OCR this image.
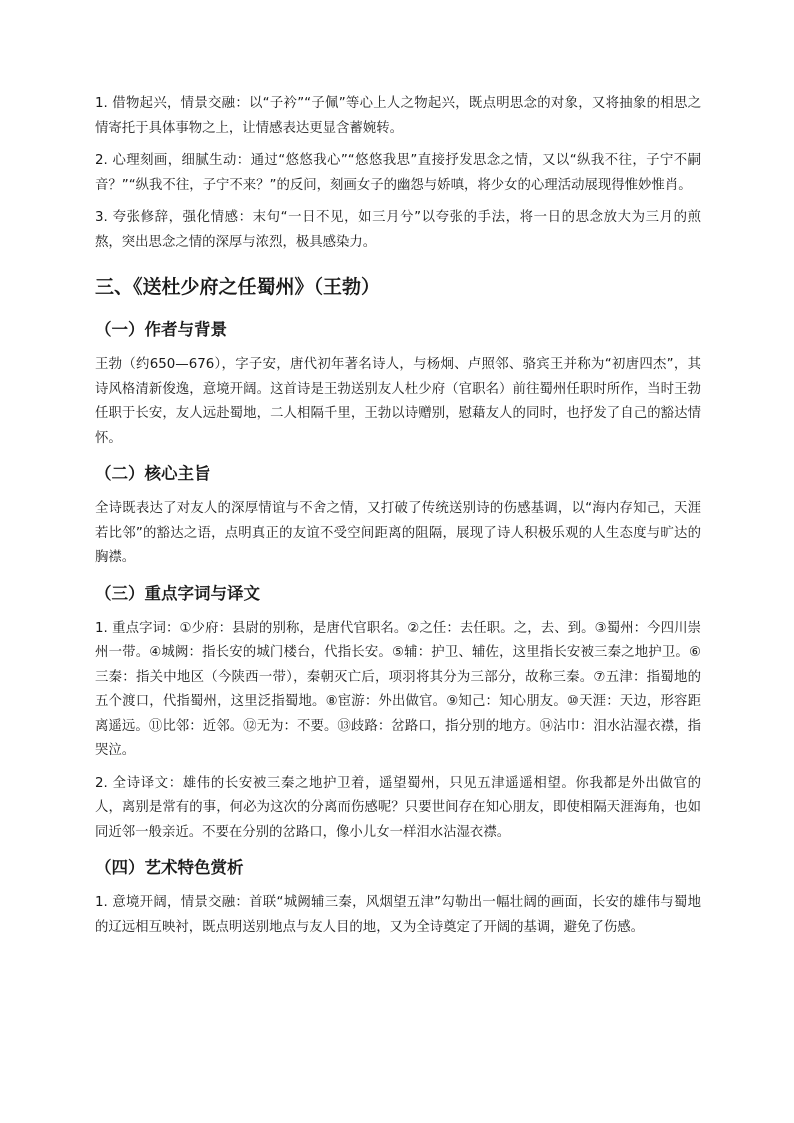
1. 借物起兴，情景交融：以“子衿”“子佩”等心上人之物起兴，既点明思念的对象，又将抽象的相思之情寄托于具体事物之上，让情感表达更显含蓄婉转。

2. 心理刻画，细腻生动：通过“悠悠我心”“悠悠我思”直接抒发思念之情，又以“纵我不往，子宁不嗣音？”“纵我不往，子宁不来？”的反问，刻画女子的幽怨与娇嗔，将少女的心理活动展现得惟妙惟肖。

3. 夸张修辞，强化情感：末句“一日不见，如三月兮”以夸张的手法，将一日的思念放大为三月的煎熬，突出思念之情的深厚与浓烈，极具感染力。

三、《送杜少府之任蜀州》（王勃）
（一）作者与背景

王勃（约650—676），字子安，唐代初年著名诗人，与杨炯、卢照邻、骆宾王并称为“初唐四杰”，其诗风格清新俊逸，意境开阔。这首诗是王勃送别友人杜少府（官职名）前往蜀州任职时所作，当时王勃任职于长安，友人远赴蜀地，二人相隔千里，王勃以诗赠别，慰藉友人的同时，也抒发了自己的豁达情怀。

（二）核心主旨

全诗既表达了对友人的深厚情谊与不舍之情，又打破了传统送别诗的伤感基调，以“海内存知己，天涯若比邻”的豁达之语，点明真正的友谊不受空间距离的阻隔，展现了诗人积极乐观的人生态度与旷达的胸襟。

（三）重点字词与译文

1. 重点字词：①少府：县尉的别称，是唐代官职名。②之任：去任职。之，去、到。③蜀州：今四川崇州一带。④城阙：指长安的城门楼台，代指长安。⑤辅：护卫、辅佐，这里指长安被三秦之地护卫。⑥三秦：指关中地区（今陕西一带），秦朝灭亡后，项羽将其分为三部分，故称三秦。⑦五津：指蜀地的五个渡口，代指蜀州，这里泛指蜀地。⑧宦游：外出做官。⑨知己：知心朋友。⑩天涯：天边，形容距离遥远。⑪比邻：近邻。⑫无为：不要。⑬歧路：岔路口，指分别的地方。⑭沾巾：泪水沾湿衣襟，指哭泣。

2. 全诗译文：雄伟的长安被三秦之地护卫着，遥望蜀州，只见五津遥遥相望。你我都是外出做官的人，离别是常有的事，何必为这次的分离而伤感呢？只要世间存在知心朋友，即使相隔天涯海角，也如同近邻一般亲近。不要在分别的岔路口，像小儿女一样泪水沾湿衣襟。

（四）艺术特色赏析

1. 意境开阔，情景交融：首联“城阙辅三秦，风烟望五津”勾勒出一幅壮阔的画面，长安的雄伟与蜀地的辽远相互映衬，既点明送别地点与友人目的地，又为全诗奠定了开阔的基调，避免了伤感。
